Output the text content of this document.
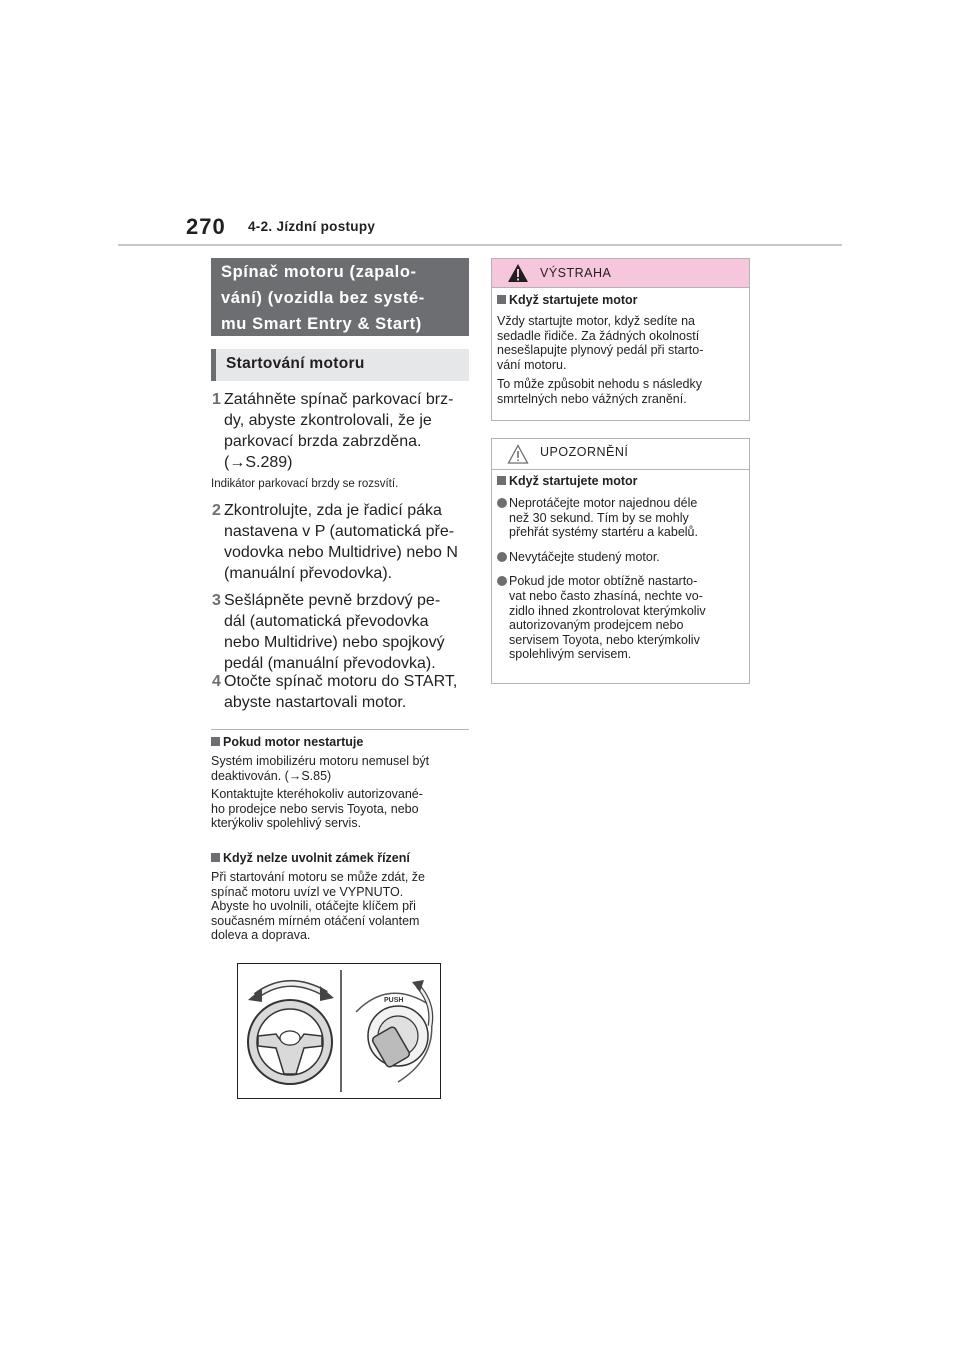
270 4-2. Jízdní postupy
Spínač motoru (zapalo-
vání) (vozidla bez systé-
mu Smart Entry & Start)
Startování motoru
1 Zatáhněte spínač parkovací brz-
dy, abyste zkontrolovali, že je
parkovací brzda zabrzděna.
(→S.289)
Indikátor parkovací brzdy se rozsvítí.
2 Zkontrolujte, zda je řadicí páka
nastavena v P (automatická pře-
vodovka nebo Multidrive) nebo N
(manuální převodovka).
3 Sešlápněte pevně brzdový pe-
dál (automatická převodovka
nebo Multidrive) nebo spojkový
pedál (manuální převodovka).
4 Otočte spínač motoru do START,
abyste nastartovali motor.
Pokud motor nestartuje
Systém imobilizéru motoru nemusel být
deaktivován. (→S.85)
Kontaktujte kteréhokoliv autorizované-
ho prodejce nebo servis Toyota, nebo
kterýkoliv spolehlivý servis.
Když nelze uvolnit zámek řízení
Při startování motoru se může zdát, že
spínač motoru uvízl ve VYPNUTO.
Abyste ho uvolnili, otáčejte klíčem při
současném mírném otáčení volantem
doleva a doprava.
PUSH
VÝSTRAHA
Když startujete motor
Vždy startujte motor, když sedíte na
sedadle řidiče. Za žádných okolností
nesešlapujte plynový pedál při starto-
vání motoru.
To může způsobit nehodu s následky
smrtelných nebo vážných zranění.
UPOZORNĚNÍ
Když startujete motor
Neprotáčejte motor najednou déle
než 30 sekund. Tím by se mohly
přehřát systémy startéru a kabelů.
Nevytáčejte studený motor.
Pokud jde motor obtížně nastarto-
vat nebo často zhasíná, nechte vo-
zidlo ihned zkontrolovat kterýmkoliv
autorizovaným prodejcem nebo
servisem Toyota, nebo kterýmkoliv
spolehlivým servisem.
